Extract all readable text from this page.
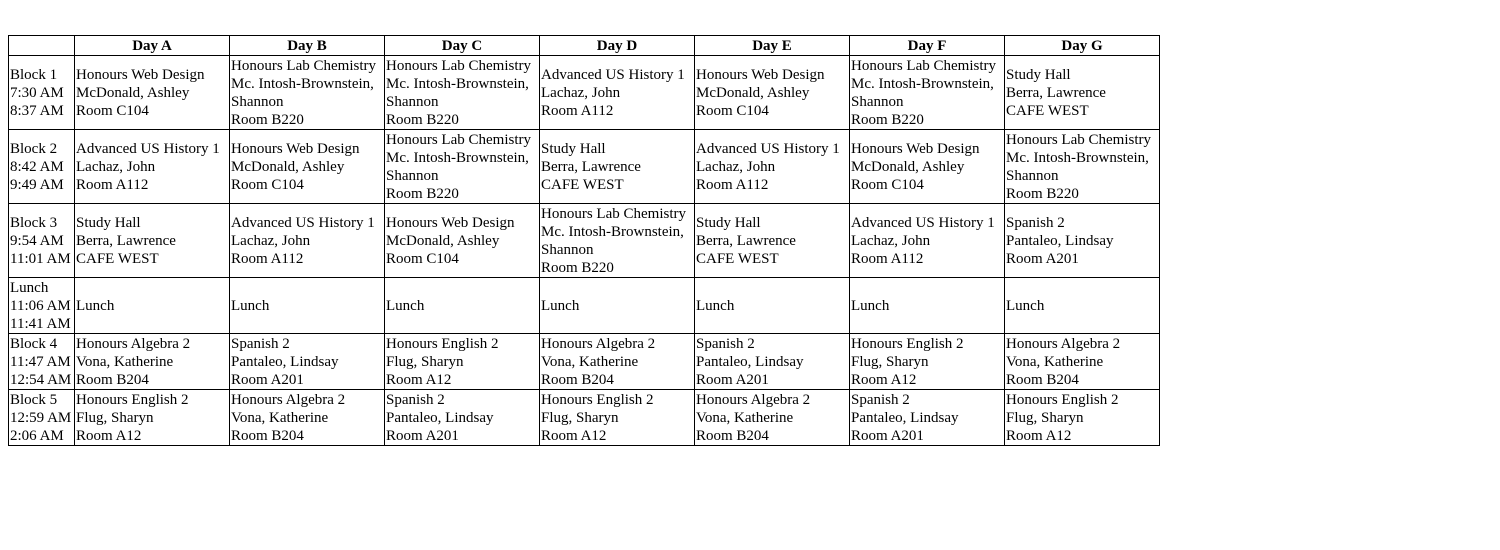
	Day A	Day B	Day C	Day D	Day E	Day F	Day G

Block 1
7:30 AM
8:37 AM	Honours Web Design
McDonald, Ashley
Room C104	Honours Lab Chemistry
Mc. Intosh-Brownstein,
Shannon
Room B220	Honours Lab Chemistry
Mc. Intosh-Brownstein,
Shannon
Room B220	Advanced US History 1
Lachaz, John
Room A112	Honours Web Design
McDonald, Ashley
Room C104	Honours Lab Chemistry
Mc. Intosh-Brownstein,
Shannon
Room B220	Study Hall
Berra, Lawrence
CAFE WEST

Block 2
8:42 AM
9:49 AM	Advanced US History 1
Lachaz, John
Room A112	Honours Web Design
McDonald, Ashley
Room C104	Honours Lab Chemistry
Mc. Intosh-Brownstein,
Shannon
Room B220	Study Hall
Berra, Lawrence
CAFE WEST	Advanced US History 1
Lachaz, John
Room A112	Honours Web Design
McDonald, Ashley
Room C104	Honours Lab Chemistry
Mc. Intosh-Brownstein,
Shannon
Room B220

Block 3
9:54 AM
11:01 AM	Study Hall
Berra, Lawrence
CAFE WEST	Advanced US History 1
Lachaz, John
Room A112	Honours Web Design
McDonald, Ashley
Room C104	Honours Lab Chemistry
Mc. Intosh-Brownstein,
Shannon
Room B220	Study Hall
Berra, Lawrence
CAFE WEST	Advanced US History 1
Lachaz, John
Room A112	Spanish 2
Pantaleo, Lindsay
Room A201

Lunch
11:06 AM
11:41 AM	Lunch	Lunch	Lunch	Lunch	Lunch	Lunch	Lunch

Block 4
11:47 AM
12:54 AM	Honours Algebra 2
Vona, Katherine
Room B204	Spanish 2
Pantaleo, Lindsay
Room A201	Honours English 2
Flug, Sharyn
Room A12	Honours Algebra 2
Vona, Katherine
Room B204	Spanish 2
Pantaleo, Lindsay
Room A201	Honours English 2
Flug, Sharyn
Room A12	Honours Algebra 2
Vona, Katherine
Room B204

Block 5
12:59 AM
2:06 AM	Honours English 2
Flug, Sharyn
Room A12	Honours Algebra 2
Vona, Katherine
Room B204	Spanish 2
Pantaleo, Lindsay
Room A201	Honours English 2
Flug, Sharyn
Room A12	Honours Algebra 2
Vona, Katherine
Room B204	Spanish 2
Pantaleo, Lindsay
Room A201	Honours English 2
Flug, Sharyn
Room A12
